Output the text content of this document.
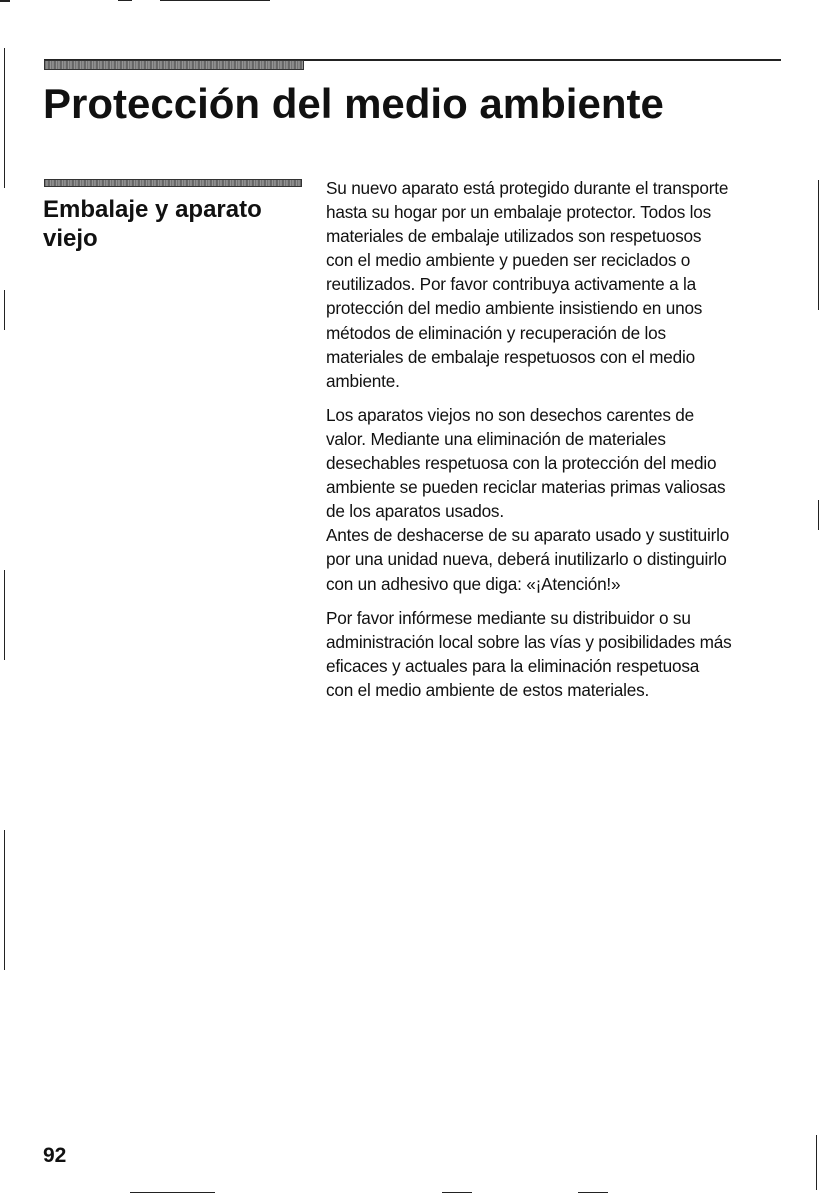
Protección del medio ambiente
Embalaje y aparato
viejo

Su nuevo aparato está protegido durante el transporte
hasta su hogar por un embalaje protector. Todos los
materiales de embalaje utilizados son respetuosos
con el medio ambiente y pueden ser reciclados o
reutilizados. Por favor contribuya activamente a la
protección del medio ambiente insistiendo en unos
métodos de eliminación y recuperación de los
materiales de embalaje respetuosos con el medio
ambiente.

Los aparatos viejos no son desechos carentes de
valor. Mediante una eliminación de materiales
desechables respetuosa con la protección del medio
ambiente se pueden reciclar materias primas valiosas
de los aparatos usados.
Antes de deshacerse de su aparato usado y sustituirlo
por una unidad nueva, deberá inutilizarlo o distinguirlo
con un adhesivo que diga: «¡Atención!»

Por favor infórmese mediante su distribuidor o su
administración local sobre las vías y posibilidades más
eficaces y actuales para la eliminación respetuosa
con el medio ambiente de estos materiales.

92
